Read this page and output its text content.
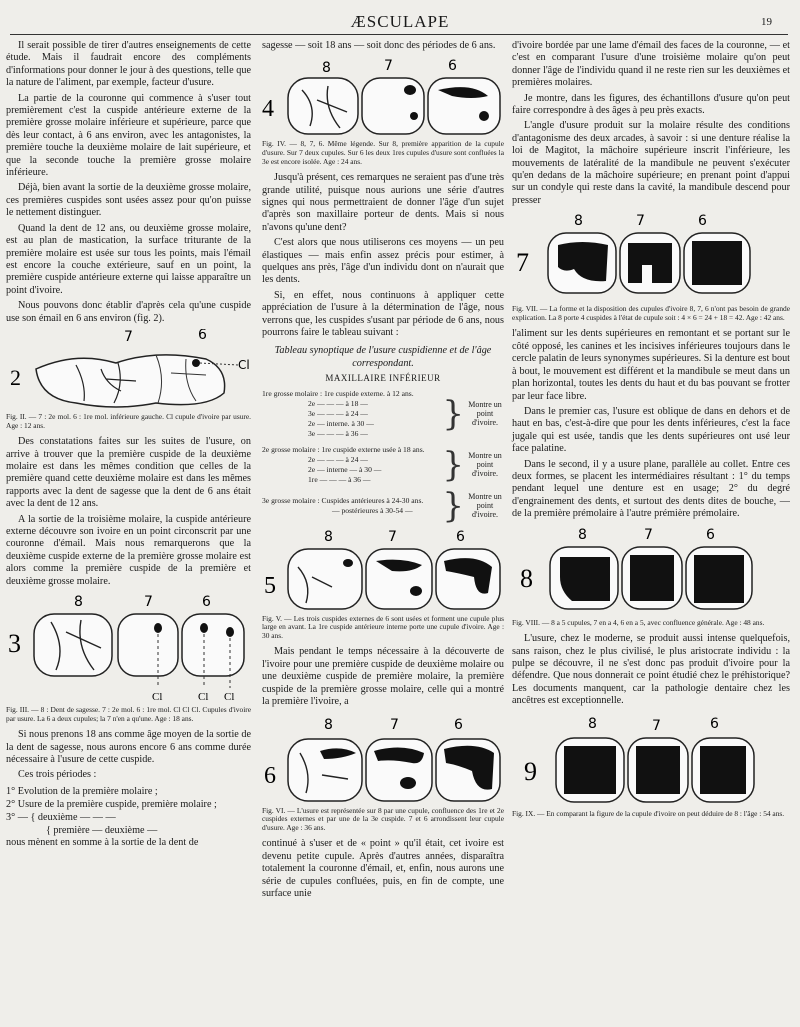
ÆSCULAPE	19

Il serait possible de tirer d'autres enseignements de cette étude. Mais il faudrait encore des compléments d'informations pour donner le jour à des questions, telle que la nature de l'aliment, par exemple, facteur d'usure.

La partie de la couronne qui commence à s'user tout premièrement c'est la cuspide antérieure externe de la première grosse molaire inférieure et supérieure, parce que dès leur contact, à 6 ans environ, avec les antagonistes, la première touche la deuxième molaire de lait supérieure, et que la seconde touche la première grosse molaire inférieure.

Déjà, bien avant la sortie de la deuxième grosse molaire, ces premières cuspides sont usées assez pour qu'on puisse le nettement distinguer.

Quand la dent de 12 ans, ou deuxième grosse molaire, est au plan de mastication, la surface triturante de la première molaire est usée sur tous les points, mais l'émail est encore la couche extérieure, sauf en un point, la première cuspide antérieure externe qui laisse apparaître un point d'ivoire.

Nous pouvons donc établir d'après cela qu'une cuspide use son émail en 6 ans environ (fig. 2).

2
7	6
Cl
Fig. II. — 7 : 2e mol. 6 : 1re mol. inférieure gauche. Cl cupule d'ivoire par usure. Age : 12 ans.

Des constatations faites sur les suites de l'usure, on arrive à trouver que la première cuspide de la deuxième molaire est dans les mêmes condition que celles de la première quand cette deuxième molaire est dans les mêmes rapports avec la dent de sagesse que la dent de 6 ans était avec la dent de 12 ans.

A la sortie de la troisième molaire, la cuspide antérieure externe découvre son ivoire en un point circonscrit par une couronne d'émail. Mais nous remarquerons que la deuxième cuspide externe de la première grosse molaire est alors comme la première cuspide de la première et deuxième grosse molaire.

3
8	7	6
Cl	Cl Cl
Fig. III. — 8 : Dent de sagesse. 7 : 2e mol. 6 : 1re mol. Cl Cl Cl. Cupules d'ivoire par usure. La 6 a deux cupules; la 7 n'en a qu'une. Age : 18 ans.

Si nous prenons 18 ans comme âge moyen de la sortie de la dent de sagesse, nous aurons encore 6 ans comme durée nécessaire à l'usure de cette cuspide.

Ces trois périodes :

1° Evolution de la première molaire ;
2° Usure de la première cuspide, première molaire ;
3° — { deuxième — — —
{ première — deuxième —

nous mènent en somme à la sortie de la dent de

sagesse — soit 18 ans — soit donc des périodes de 6 ans.

4
8	7	6
Fig. IV. — 8, 7, 6. Même légende. Sur 8, première apparition de la cupule d'usure. Sur 7 deux cupules. Sur 6 les deux 1res cupules d'usure sont confluées la 3e est encore isolée. Age : 24 ans.

Jusqu'à présent, ces remarques ne seraient pas d'une très grande utilité, puisque nous aurions une série d'autres signes qui nous permettraient de donner l'âge d'un sujet d'après son maxillaire porteur de dents. Mais si nous n'avons qu'une dent?

C'est alors que nous utiliserons ces moyens — un peu élastiques — mais enfin assez précis pour estimer, à quelques ans près, l'âge d'un individu dont on n'aurait que les dents.

Si, en effet, nous continuons à appliquer cette appréciation de l'usure à la détermination de l'âge, nous verrons que, les cuspides s'usant par période de 6 ans, nous pourrons faire le tableau suivant :

Tableau synoptique de l'usure cuspidienne et de l'âge correspondant.
MAXILLAIRE INFÉRIEUR
1re grosse molaire : 1re cuspide externe. à 12 ans.
2e — — — à 18 —
3e — — — à 24 —
2e — interne. à 30 —
3e — — — à 36 —	} Montre un point d'ivoire.
2e grosse molaire : 1re cuspide externe usée à 18 ans.
2e — — — à 24 —
2e — interne — à 30 —
1re — — — à 36 —	} Montre un point d'ivoire.
3e grosse molaire : Cuspides antérieures à 24-30 ans.
— postérieures à 30-54 — } Montre un point d'ivoire.
5
8	7	6
Fig. V. — Les trois cuspides externes de 6 sont usées et forment une cupule plus large en avant. La 1re cuspide antérieure interne porte une cupule d'ivoire. Age : 30 ans.

Mais pendant le temps nécessaire à la découverte de l'ivoire pour une première cuspide de deuxième molaire ou une deuxième cuspide de première molaire, la première cuspide de la première grosse molaire, celle qui a montré la première l'ivoire, a

6
8	7	6
Fig. VI. — L'usure est représentée sur 8 par une cupule, confluence des 1re et 2e cuspides externes et par une de la 3e cuspide. 7 et 6 arrondissent leur cupule d'usure. Age : 36 ans.

continué à s'user et de « point » qu'il était, cet ivoire est devenu petite cupule. Après d'autres années, disparaîtra totalement la couronne d'émail, et, enfin, nous aurons une série de cupules confluées, puis, en fin de compte, une surface unie

d'ivoire bordée par une lame d'émail des faces de la couronne, — et c'est en comparant l'usure d'une troisième molaire qu'on peut donner l'âge de l'individu quand il ne reste rien sur les deuxièmes et premières molaires.

Je montre, dans les figures, des échantillons d'usure qu'on peut faire correspondre à des âges à peu près exacts.

L'angle d'usure produit sur la molaire résulte des conditions d'antagonisme des deux arcades, à savoir : si une denture réalise la loi de Magitot, la mâchoire supérieure inscrit l'inférieure, les mouvements de latéralité de la mandibule ne peuvent s'exécuter qu'en dedans de la mâchoire supérieure; en prenant point d'appui sur un condyle qui reste dans la cavité, la mandibule descend pour presser

7
8	7	6
Fig. VII. — La forme et la disposition des cupules d'ivoire 8, 7, 6 n'ont pas besoin de grande explication. La 8 porte 4 cuspides à l'état de cupule soit : 4 × 6 = 24 + 18 = 42. Age : 42 ans.

l'aliment sur les dents supérieures en remontant et se portant sur le côté opposé, les canines et les incisives inférieures toujours dans le cercle palatin de leurs synonymes supérieures. Si la denture est bout à bout, le mouvement est différent et la mandibule se meut dans un plan horizontal, toutes les dents du haut et du bas pouvant se frotter par leur face libre.

Dans le premier cas, l'usure est oblique de dans en dehors et de haut en bas, c'est-à-dire que pour les dents inférieures, c'est la face jugale qui est usée, tandis que les dents supérieures ont usé leur face palatine.

Dans le second, il y a usure plane, parallèle au collet. Entre ces deux formes, se placent les intermédiaires résultant : 1° du temps pendant lequel une denture est en usage; 2° du degré d'engrainement des dents, et surtout des dents dites de bouche, — de la première prémolaire à l'autre prémière prémolaire.

8
8	7	6
Fig. VIII. — 8 a 5 cupules, 7 en a 4, 6 en a 5, avec confluence générale. Age : 48 ans.

L'usure, chez le moderne, se produit aussi intense quelquefois, sans raison, chez le plus civilisé, le plus aristocrate individu : la pulpe se découvre, il ne s'est donc pas produit d'ivoire pour la défendre. Que nous donnerait ce point étudié chez le préhistorique? Les documents manquent, car la pathologie dentaire chez les ancêtres est exceptionnelle.

9
8	7	6
Fig. IX. — En comparant la figure de la cupule d'ivoire on peut déduire de 8 : l'âge : 54 ans.
